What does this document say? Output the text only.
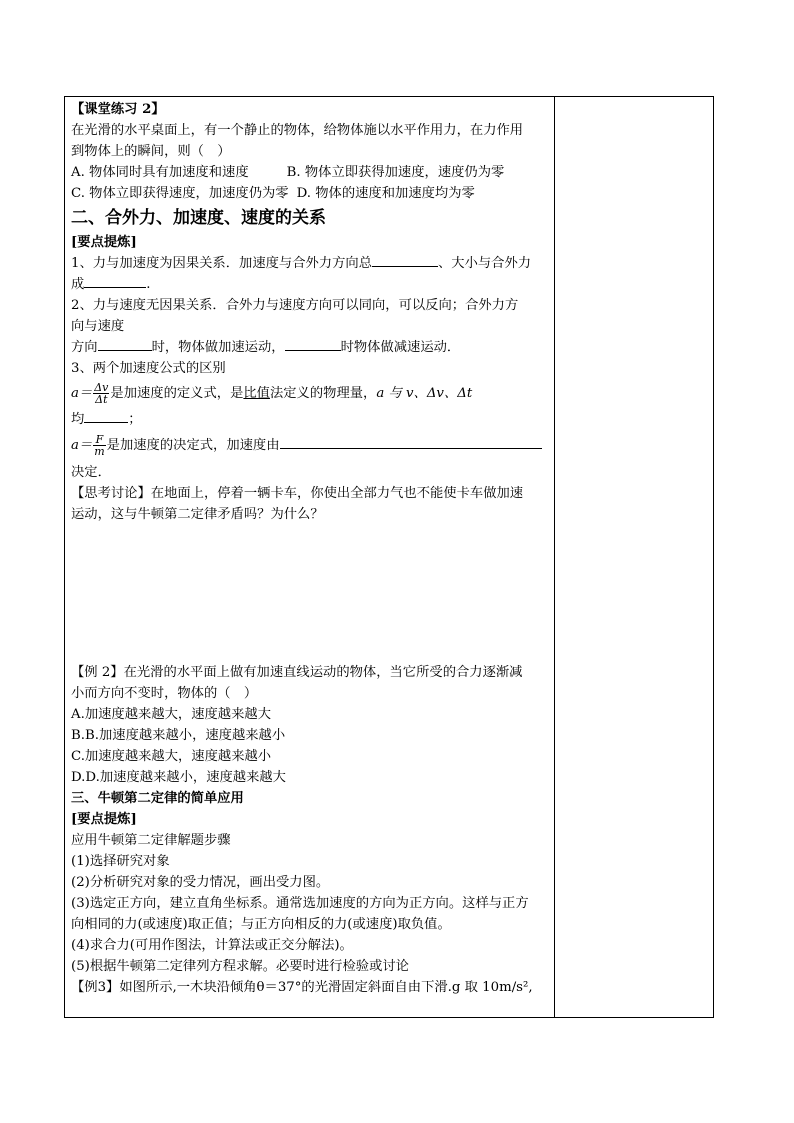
【课堂练习 2】
在光滑的水平桌面上，有一个静止的物体，给物体施以水平作用力，在力作用
到物体上的瞬间，则（　）
A. 物体同时具有加速度和速度	B. 物体立即获得加速度，速度仍为零
C. 物体立即获得速度，加速度仍为零 D. 物体的速度和加速度均为零
二、合外力、加速度、速度的关系
[要点提炼]
1、力与加速度为因果关系．加速度与合外力方向总	、大小与合外力
成	.
2、力与速度无因果关系．合外力与速度方向可以同向，可以反向；合外力方
向与速度
方向	时，物体做加速运动，	时物体做减速运动．
3、两个加速度公式的区别
$a= \frac{\Delta v}{\Delta t}$ 是加速度的定义式，是比值法定义的物理量，a 与 v、Δv、Δt
均	；
$a= \frac{F}{m}$ 是加速度的决定式，加速度由
决定．
【思考讨论】在地面上，停着一辆卡车，你使出全部力气也不能使卡车做加速
运动，这与牛顿第二定律矛盾吗？为什么？
【例 2】在光滑的水平面上做有加速直线运动的物体，当它所受的合力逐渐减
小而方向不变时，物体的（　）
A.加速度越来越大，速度越来越大
B.B.加速度越来越小，速度越来越小
C.加速度越来越大，速度越来越小
D.D.加速度越来越小，速度越来越大
三、牛顿第二定律的简单应用
[要点提炼]
应用牛顿第二定律解题步骤
(1)选择研究对象
(2)分析研究对象的受力情况，画出受力图。
(3)选定正方向，建立直角坐标系。通常选加速度的方向为正方向。这样与正方
向相同的力(或速度)取正值；与正方向相反的力(或速度)取负值。
(4)求合力(可用作图法，计算法或正交分解法)。
(5)根据牛顿第二定律列方程求解。必要时进行检验或讨论
【例3】如图所示,一木块沿倾角θ＝37°的光滑固定斜面自由下滑.g 取 10m/s²,
